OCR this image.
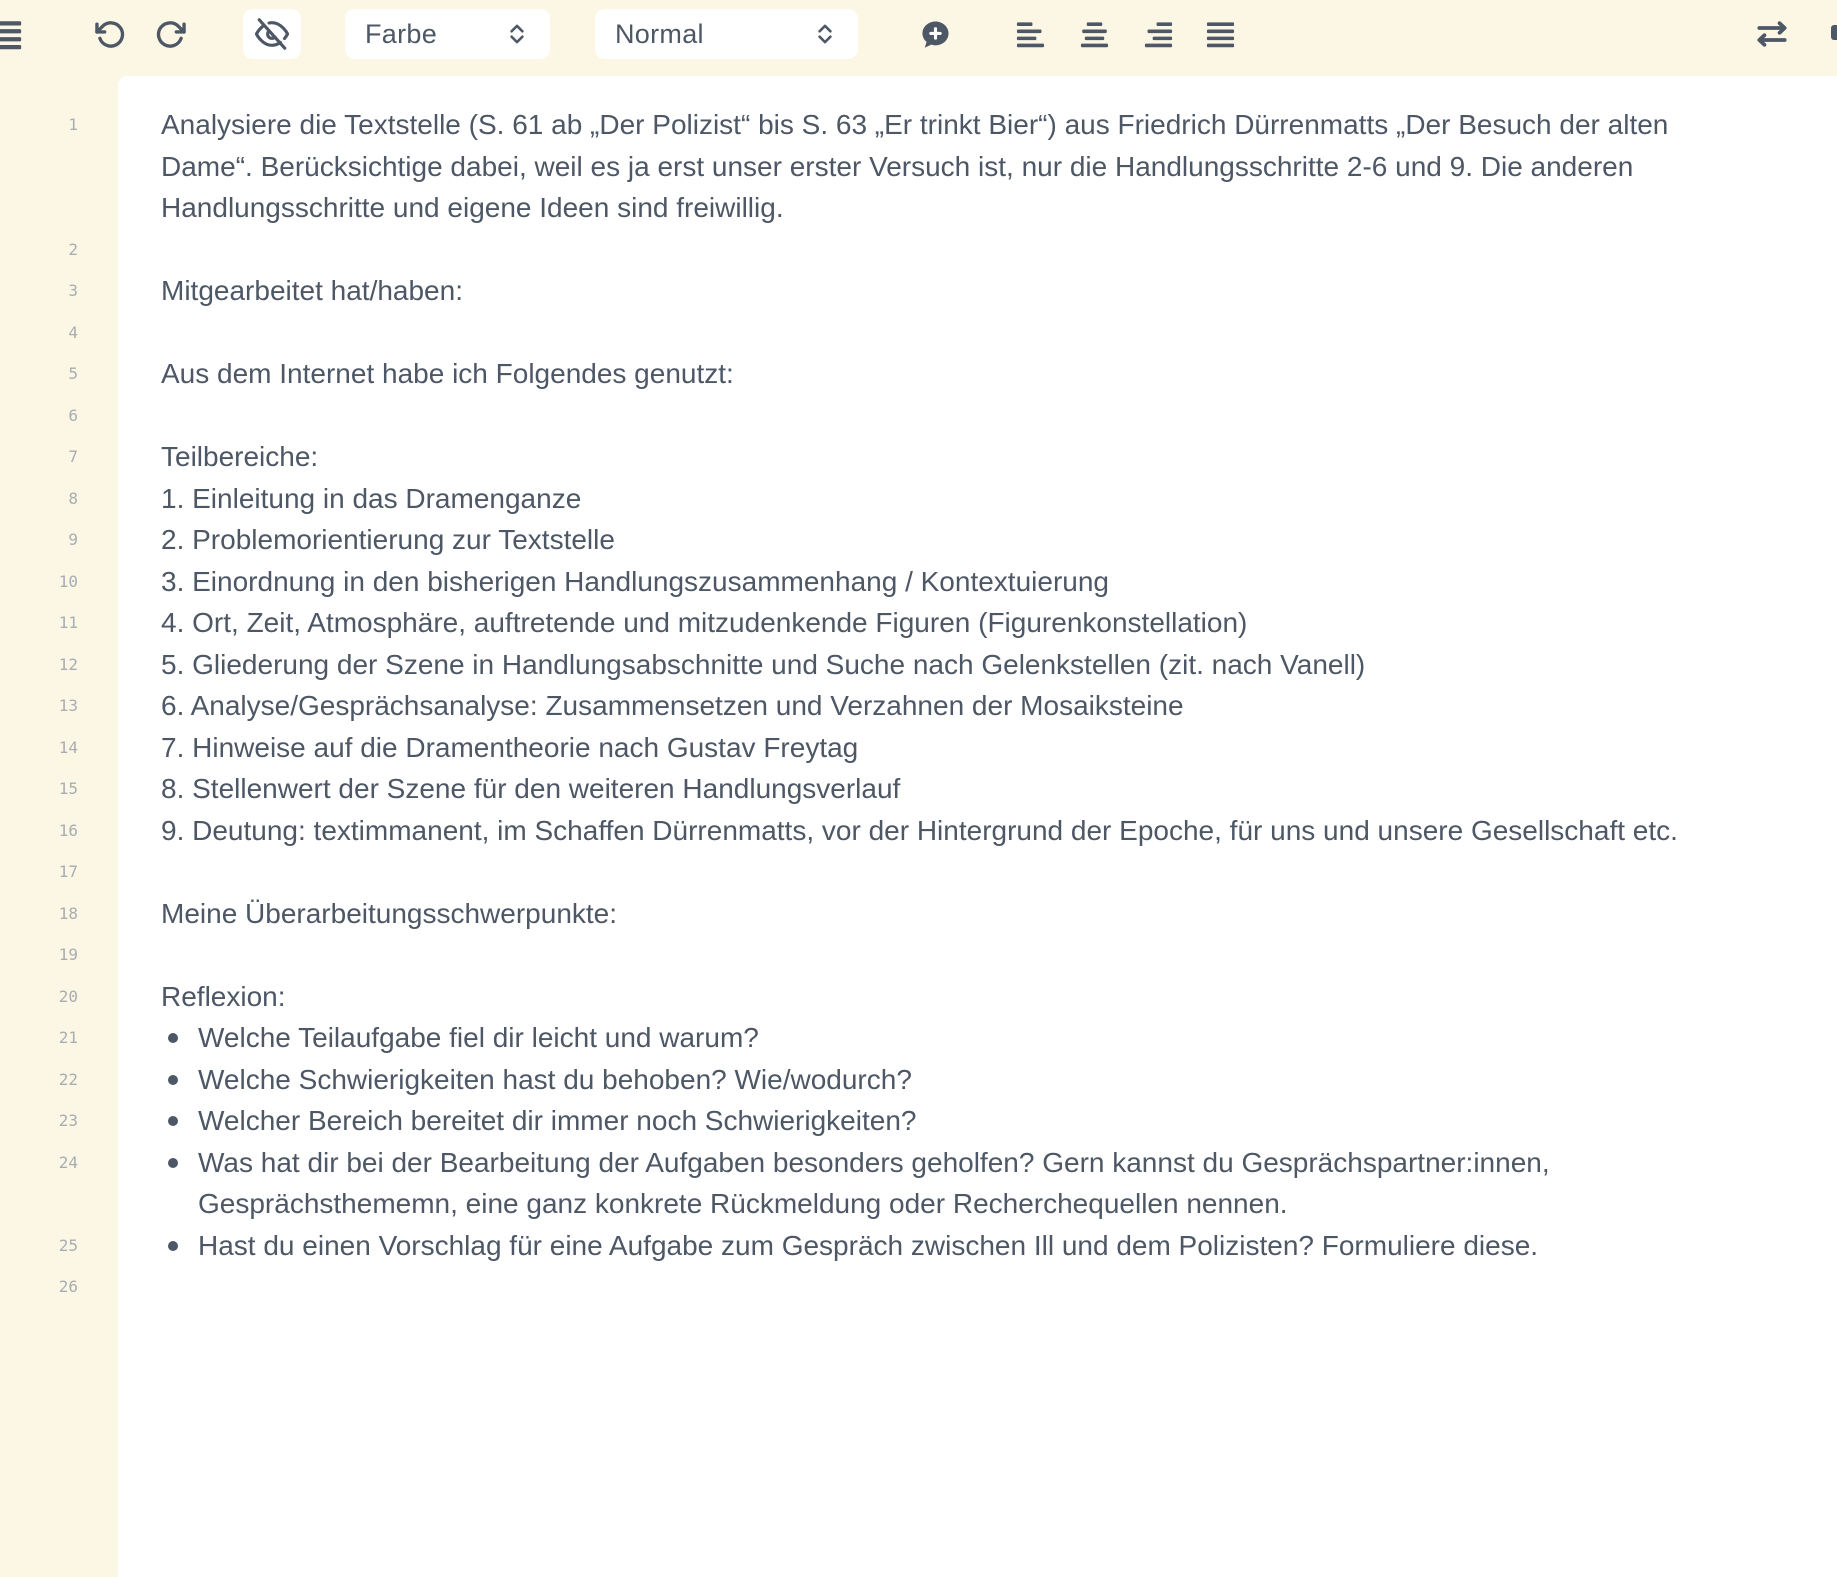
Farbe	Normal
1	Analysiere die Textstelle (S. 61 ab „Der Polizist“ bis S. 63 „Er trinkt Bier“) aus Friedrich Dürrenmatts „Der Besuch der alten Dame“. Berücksichtige dabei, weil es ja erst unser erster Versuch ist, nur die Handlungsschritte 2-6 und 9. Die anderen Handlungsschritte und eigene Ideen sind freiwillig.
2
3	Mitgearbeitet hat/haben:
4
5	Aus dem Internet habe ich Folgendes genutzt:
6
7	Teilbereiche:
8	1. Einleitung in das Dramenganze
9	2. Problemorientierung zur Textstelle
10	3. Einordnung in den bisherigen Handlungszusammenhang / Kontextuierung
11	4. Ort, Zeit, Atmosphäre, auftretende und mitzudenkende Figuren (Figurenkonstellation)
12	5. Gliederung der Szene in Handlungsabschnitte und Suche nach Gelenkstellen (zit. nach Vanell)
13	6. Analyse/Gesprächsanalyse: Zusammensetzen und Verzahnen der Mosaiksteine
14	7. Hinweise auf die Dramentheorie nach Gustav Freytag
15	8. Stellenwert der Szene für den weiteren Handlungsverlauf
16	9. Deutung: textimmanent, im Schaffen Dürrenmatts, vor der Hintergrund der Epoche, für uns und unsere Gesellschaft etc.
17
18	Meine Überarbeitungsschwerpunkte:
19
20	Reflexion:
21	Welche Teilaufgabe fiel dir leicht und warum?
22	Welche Schwierigkeiten hast du behoben? Wie/wodurch?
23	Welcher Bereich bereitet dir immer noch Schwierigkeiten?
24	Was hat dir bei der Bearbeitung der Aufgaben besonders geholfen? Gern kannst du Gesprächspartner:innen, Gesprächsthememn, eine ganz konkrete Rückmeldung oder Recherchequellen nennen.
25	Hast du einen Vorschlag für eine Aufgabe zum Gespräch zwischen Ill und dem Polizisten? Formuliere diese.
26
